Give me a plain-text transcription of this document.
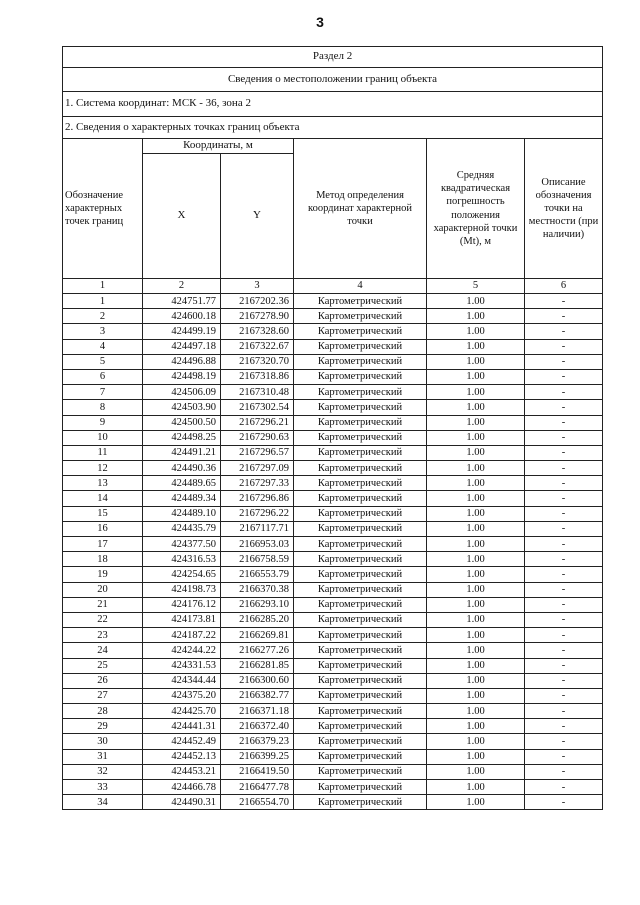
3
Раздел 2					
Сведения о местоположении границ объекта					
1. Система координат: МСК - 36, зона 2					
2. Сведения о характерных точках границ объекта					
Обозначение характерных точек границ	Координаты, м		Метод определения координат характерной точки	Средняя квадратическая погрешность положения характерной точки (Mt), м	Описание обозначения точки на местности (при наличии)
	X	Y			
1	2	3	4	5	6
1	424751.77	2167202.36	Картометрический	1.00	-
2	424600.18	2167278.90	Картометрический	1.00	-
3	424499.19	2167328.60	Картометрический	1.00	-
4	424497.18	2167322.67	Картометрический	1.00	-
5	424496.88	2167320.70	Картометрический	1.00	-
6	424498.19	2167318.86	Картометрический	1.00	-
7	424506.09	2167310.48	Картометрический	1.00	-
8	424503.90	2167302.54	Картометрический	1.00	-
9	424500.50	2167296.21	Картометрический	1.00	-
10	424498.25	2167290.63	Картометрический	1.00	-
11	424491.21	2167296.57	Картометрический	1.00	-
12	424490.36	2167297.09	Картометрический	1.00	-
13	424489.65	2167297.33	Картометрический	1.00	-
14	424489.34	2167296.86	Картометрический	1.00	-
15	424489.10	2167296.22	Картометрический	1.00	-
16	424435.79	2167117.71	Картометрический	1.00	-
17	424377.50	2166953.03	Картометрический	1.00	-
18	424316.53	2166758.59	Картометрический	1.00	-
19	424254.65	2166553.79	Картометрический	1.00	-
20	424198.73	2166370.38	Картометрический	1.00	-
21	424176.12	2166293.10	Картометрический	1.00	-
22	424173.81	2166285.20	Картометрический	1.00	-
23	424187.22	2166269.81	Картометрический	1.00	-
24	424244.22	2166277.26	Картометрический	1.00	-
25	424331.53	2166281.85	Картометрический	1.00	-
26	424344.44	2166300.60	Картометрический	1.00	-
27	424375.20	2166382.77	Картометрический	1.00	-
28	424425.70	2166371.18	Картометрический	1.00	-
29	424441.31	2166372.40	Картометрический	1.00	-
30	424452.49	2166379.23	Картометрический	1.00	-
31	424452.13	2166399.25	Картометрический	1.00	-
32	424453.21	2166419.50	Картометрический	1.00	-
33	424466.78	2166477.78	Картометрический	1.00	-
34	424490.31	2166554.70	Картометрический	1.00	-
